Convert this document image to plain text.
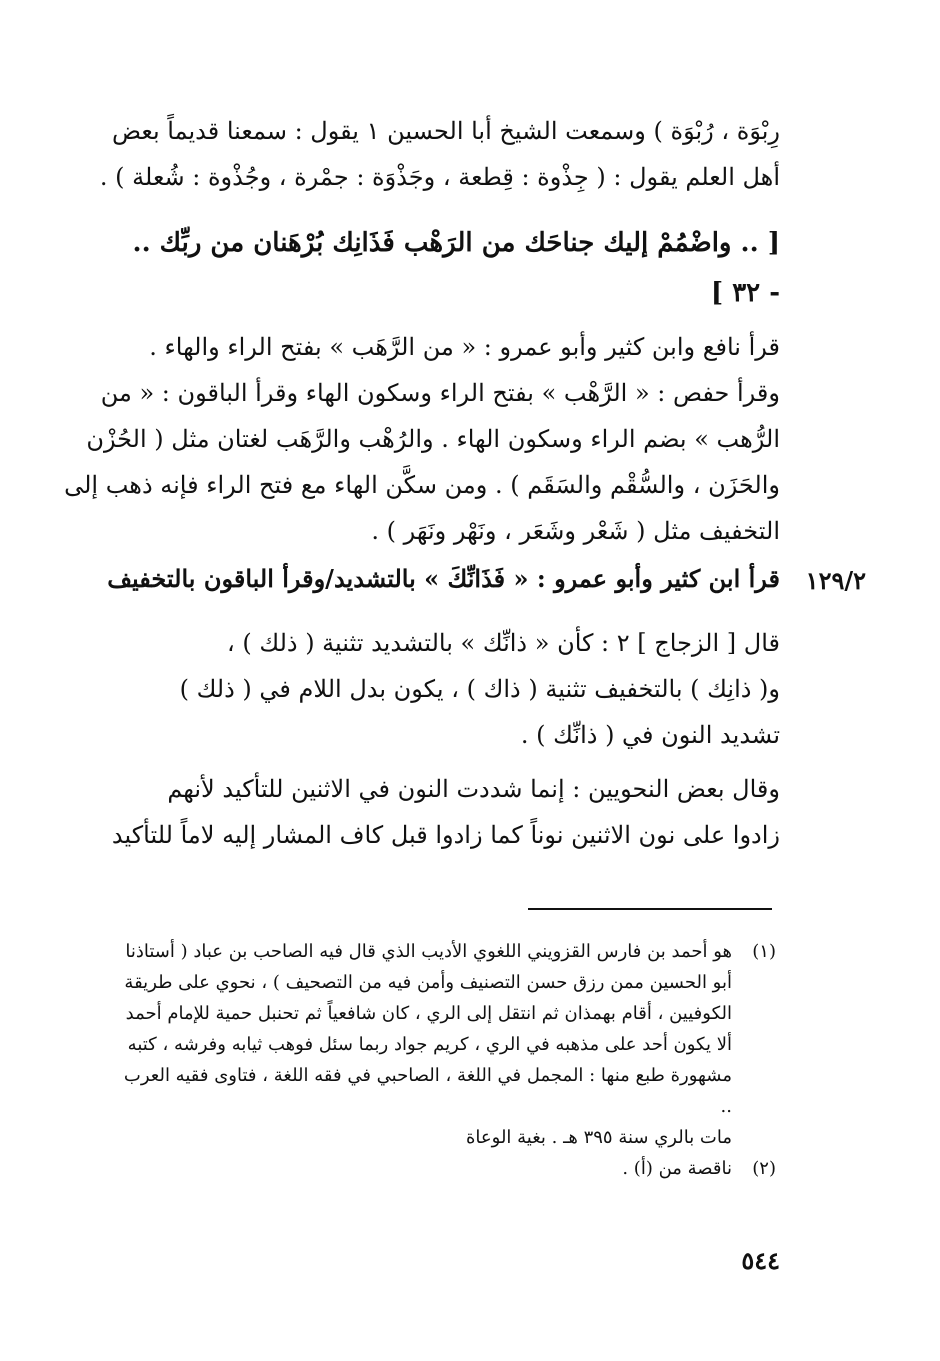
رِبْوَة ، رُبْوَة ) وسمعت الشيخ أبا الحسين ١ يقول : سمعنا قديماً بعض
أهل العلم يقول : ( جِذْوة : قِطعة ، وجَذْوَة : جمْرة ، وجُذْوة : شُعلة ) .
[ .. واضْمُمْ إليك جناحَك من الرَهْب فَذَانِك بُرْهَنان من ربِّك ..
- ٣٢ ]
قرأ نافع وابن كثير وأبو عمرو : « من الرَّهَب » بفتح الراء والهاء .
وقرأ حفص : « الرَّهْب » بفتح الراء وسكون الهاء وقرأ الباقون : « من
الرُّهب » بضم الراء وسكون الهاء . والرُهْب والرَّهَب لغتان مثل ( الحُزْن
والحَزَن ، والسُّقْم والسَقَم ) . ومن سكَّن الهاء مع فتح الراء فإنه ذهب إلى
التخفيف مثل ( شَعْر وشَعَر ، ونَهْر ونَهَر ) .
قرأ ابن كثير وأبو عمرو : « فَذَانِّكَ » بالتشديد/وقرأ الباقون بالتخفيف	١٢٩/٢
قال [ الزجاج ] ٢ : كأن « ذانِّك » بالتشديد تثنية ( ذلك ) ،
و( ذانِك ) بالتخفيف تثنية ( ذاك ) ، يكون بدل اللام في ( ذلك )
تشديد النون في ( ذانِّك ) .
وقال بعض النحويين : إنما شددت النون في الاثنين للتأكيد لأنهم
زادوا على نون الاثنين نوناً كما زادوا قبل كاف المشار إليه لاماً للتأكيد
(١)
هو أحمد بن فارس القزويني اللغوي الأديب الذي قال فيه الصاحب بن عباد ( أستاذنا
أبو الحسين ممن رزق حسن التصنيف وأمن فيه من التصحيف ) ، نحوي على طريقة
الكوفيين ، أقام بهمذان ثم انتقل إلى الري ، كان شافعياً ثم تحنبل حمية للإمام أحمد
ألا يكون أحد على مذهبه في الري ، كريم جواد ربما سئل فوهب ثيابه وفرشه ، كتبه
مشهورة طبع منها : المجمل في اللغة ، الصاحبي في فقه اللغة ، فتاوى فقيه العرب ..
مات بالري سنة ٣٩٥ هـ . بغية الوعاة
(٢)
ناقصة من (أ) .
٥٤٤
